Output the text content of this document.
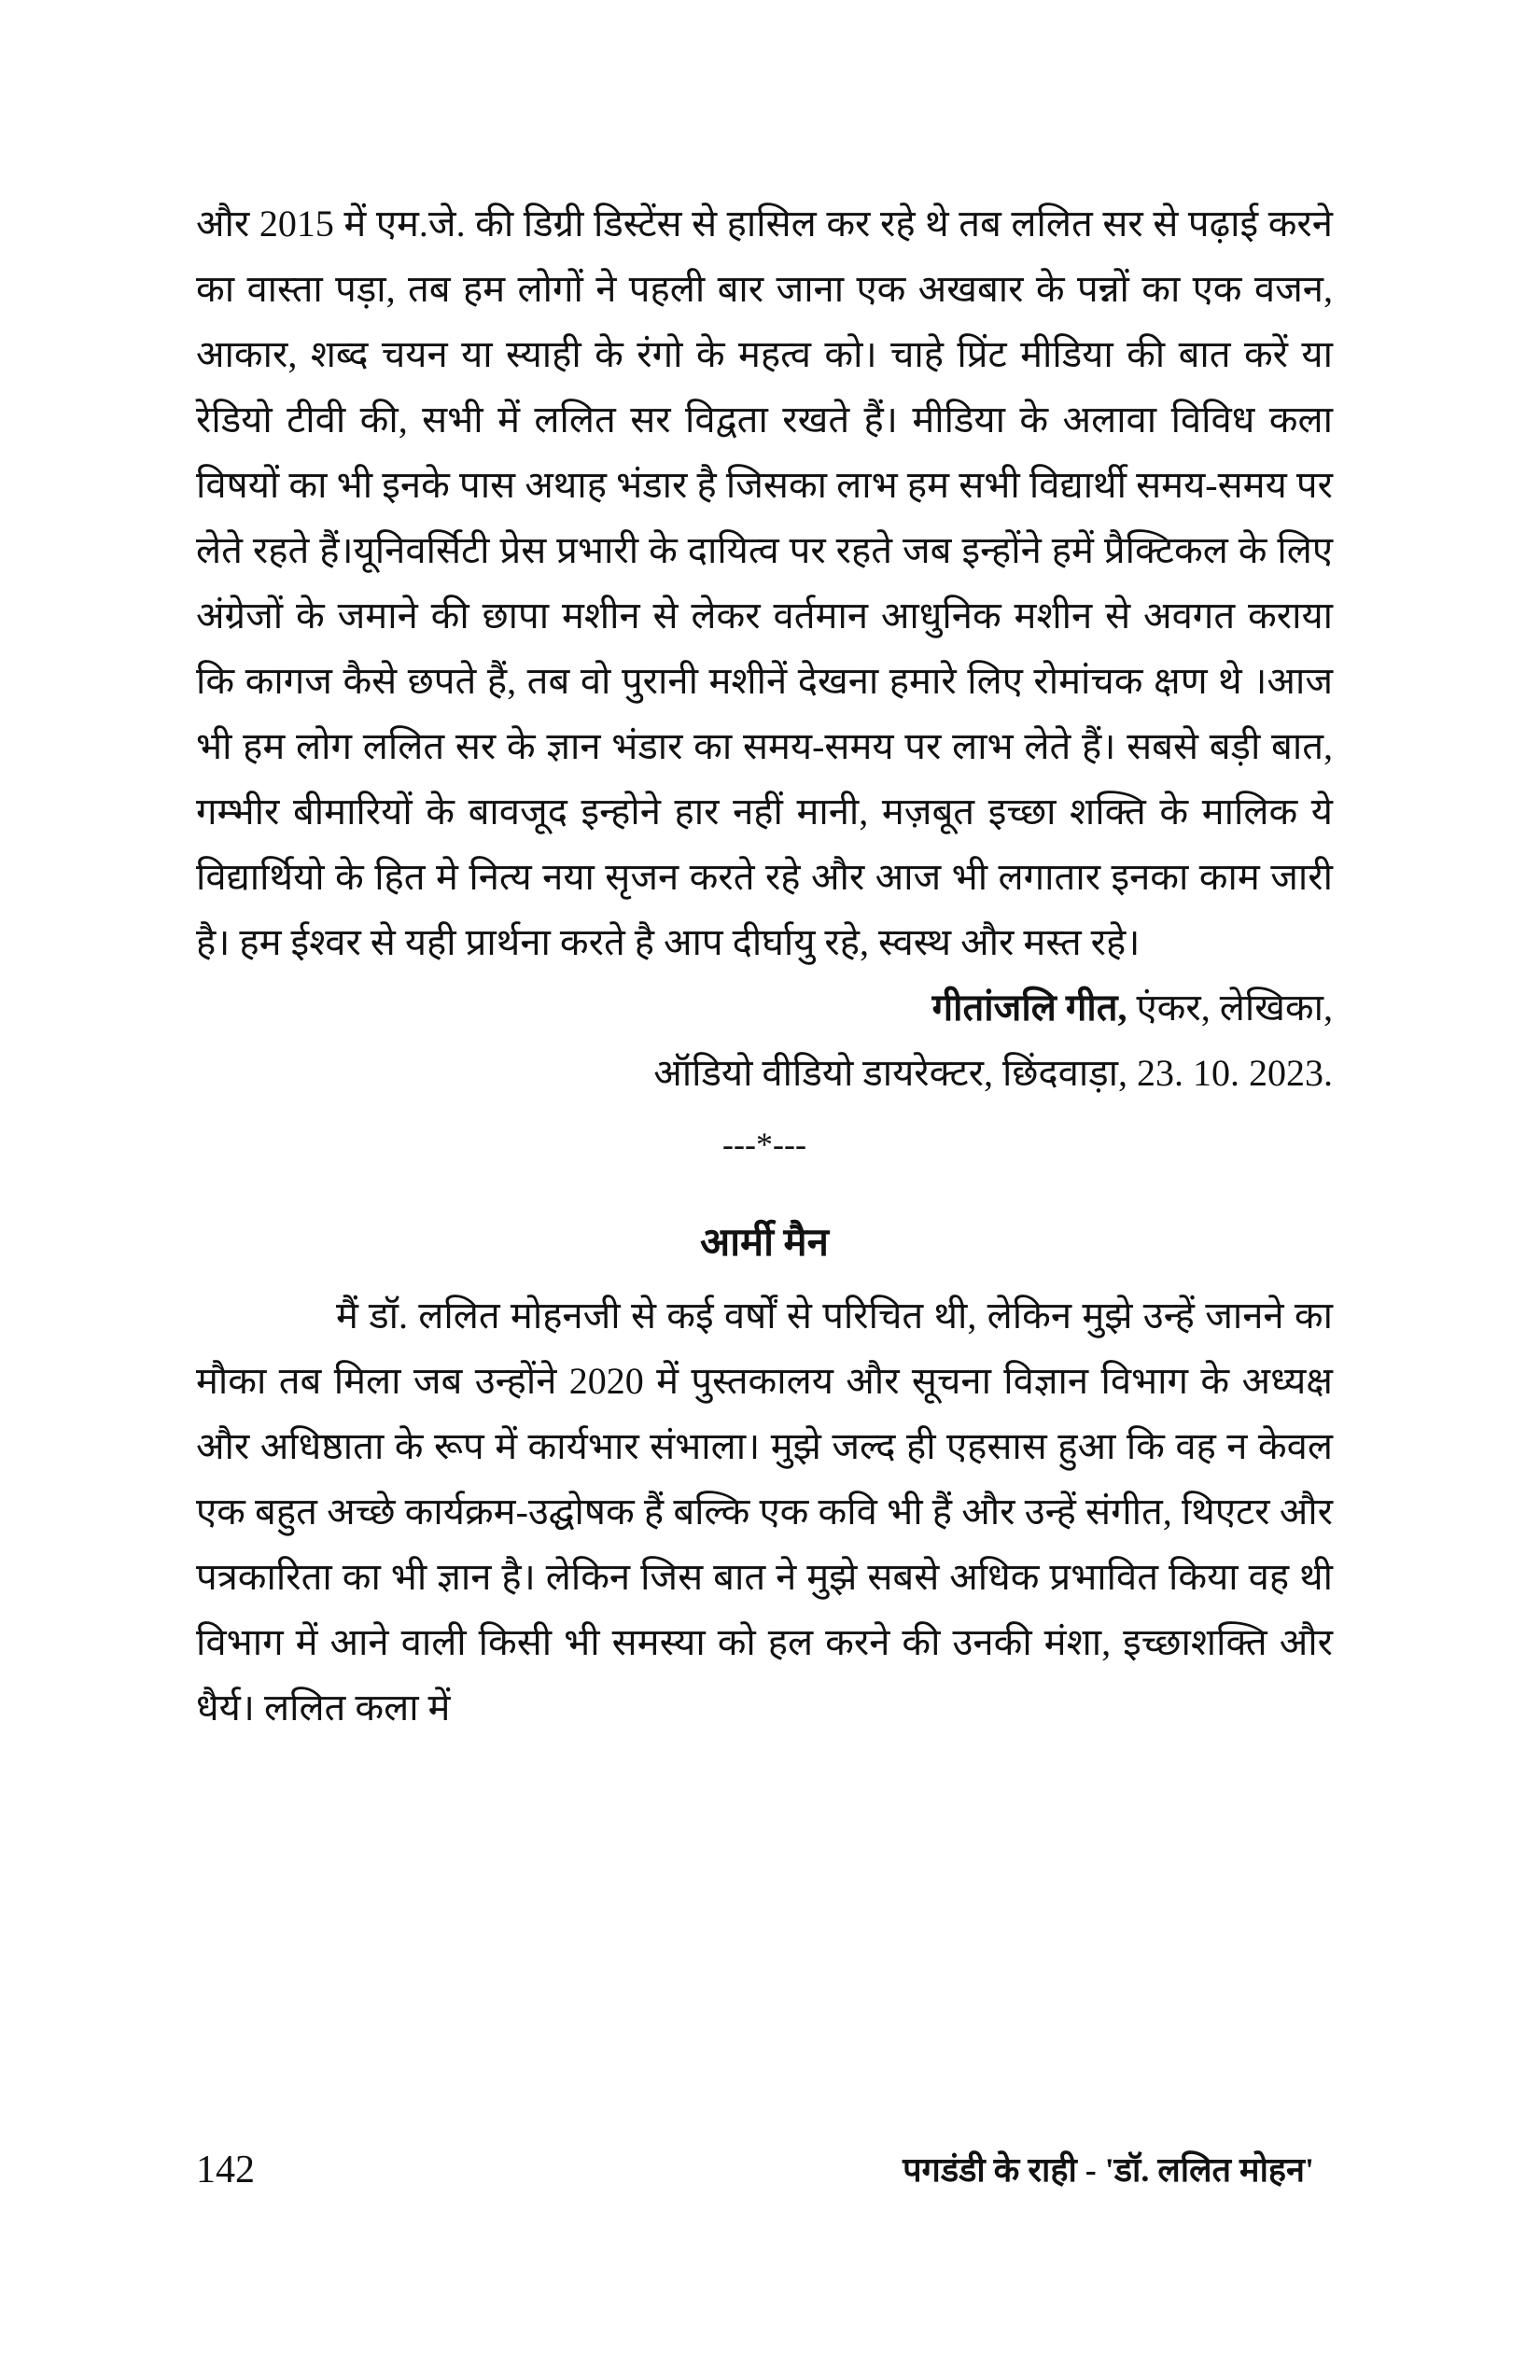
और 2015 में एम.जे. की डिग्री डिस्टेंस से हासिल कर रहे थे तब ललित सर से पढ़ाई करने का वास्ता पड़ा, तब हम लोगों ने पहली बार जाना एक अखबार के पन्नों का एक वजन, आकार, शब्द चयन या स्याही के रंगो के महत्व को। चाहे प्रिंट मीडिया की बात करें या रेडियो टीवी की, सभी में ललित सर विद्वता रखते हैं। मीडिया के अलावा विविध कला विषयों का भी इनके पास अथाह भंडार है जिसका लाभ हम सभी विद्यार्थी समय-समय पर लेते रहते हैं।यूनिवर्सिटी प्रेस प्रभारी के दायित्व पर रहते जब इन्होंने हमें प्रैक्टिकल के लिए अंग्रेजों के जमाने की छापा मशीन से लेकर वर्तमान आधुनिक मशीन से अवगत कराया कि कागज कैसे छपते हैं, तब वो पुरानी मशीनें देखना हमारे लिए रोमांचक क्षण थे ।आज भी हम लोग ललित सर के ज्ञान भंडार का समय-समय पर लाभ लेते हैं। सबसे बड़ी बात, गम्भीर बीमारियों के बावजूद इन्होने हार नहीं मानी, मज़बूत इच्छा शक्ति के मालिक ये विद्यार्थियो के हित मे नित्य नया सृजन करते रहे और आज भी लगातार इनका काम जारी है। हम ईश्वर से यही प्रार्थना करते है आप दीर्घायु रहे, स्वस्थ और मस्त रहे।

गीतांजलि गीत, एंकर, लेखिका,

ऑडियो वीडियो डायरेक्टर, छिंदवाड़ा, 23. 10. 2023.

---*---

आर्मी मैन

मैं डॉ. ललित मोहनजी से कई वर्षों से परिचित थी, लेकिन मुझे उन्हें जानने का मौका तब मिला जब उन्होंने 2020 में पुस्तकालय और सूचना विज्ञान विभाग के अध्यक्ष और अधिष्ठाता के रूप में कार्यभार संभाला। मुझे जल्द ही एहसास हुआ कि वह न केवल एक बहुत अच्छे कार्यक्रम-उद्घोषक हैं बल्कि एक कवि भी हैं और उन्हें संगीत, थिएटर और पत्रकारिता का भी ज्ञान है। लेकिन जिस बात ने मुझे सबसे अधिक प्रभावित किया वह थी विभाग में आने वाली किसी भी समस्या को हल करने की उनकी मंशा, इच्छाशक्ति और धैर्य। ललित कला में

142	पगडंडी के राही - 'डॉ. ललित मोहन'
